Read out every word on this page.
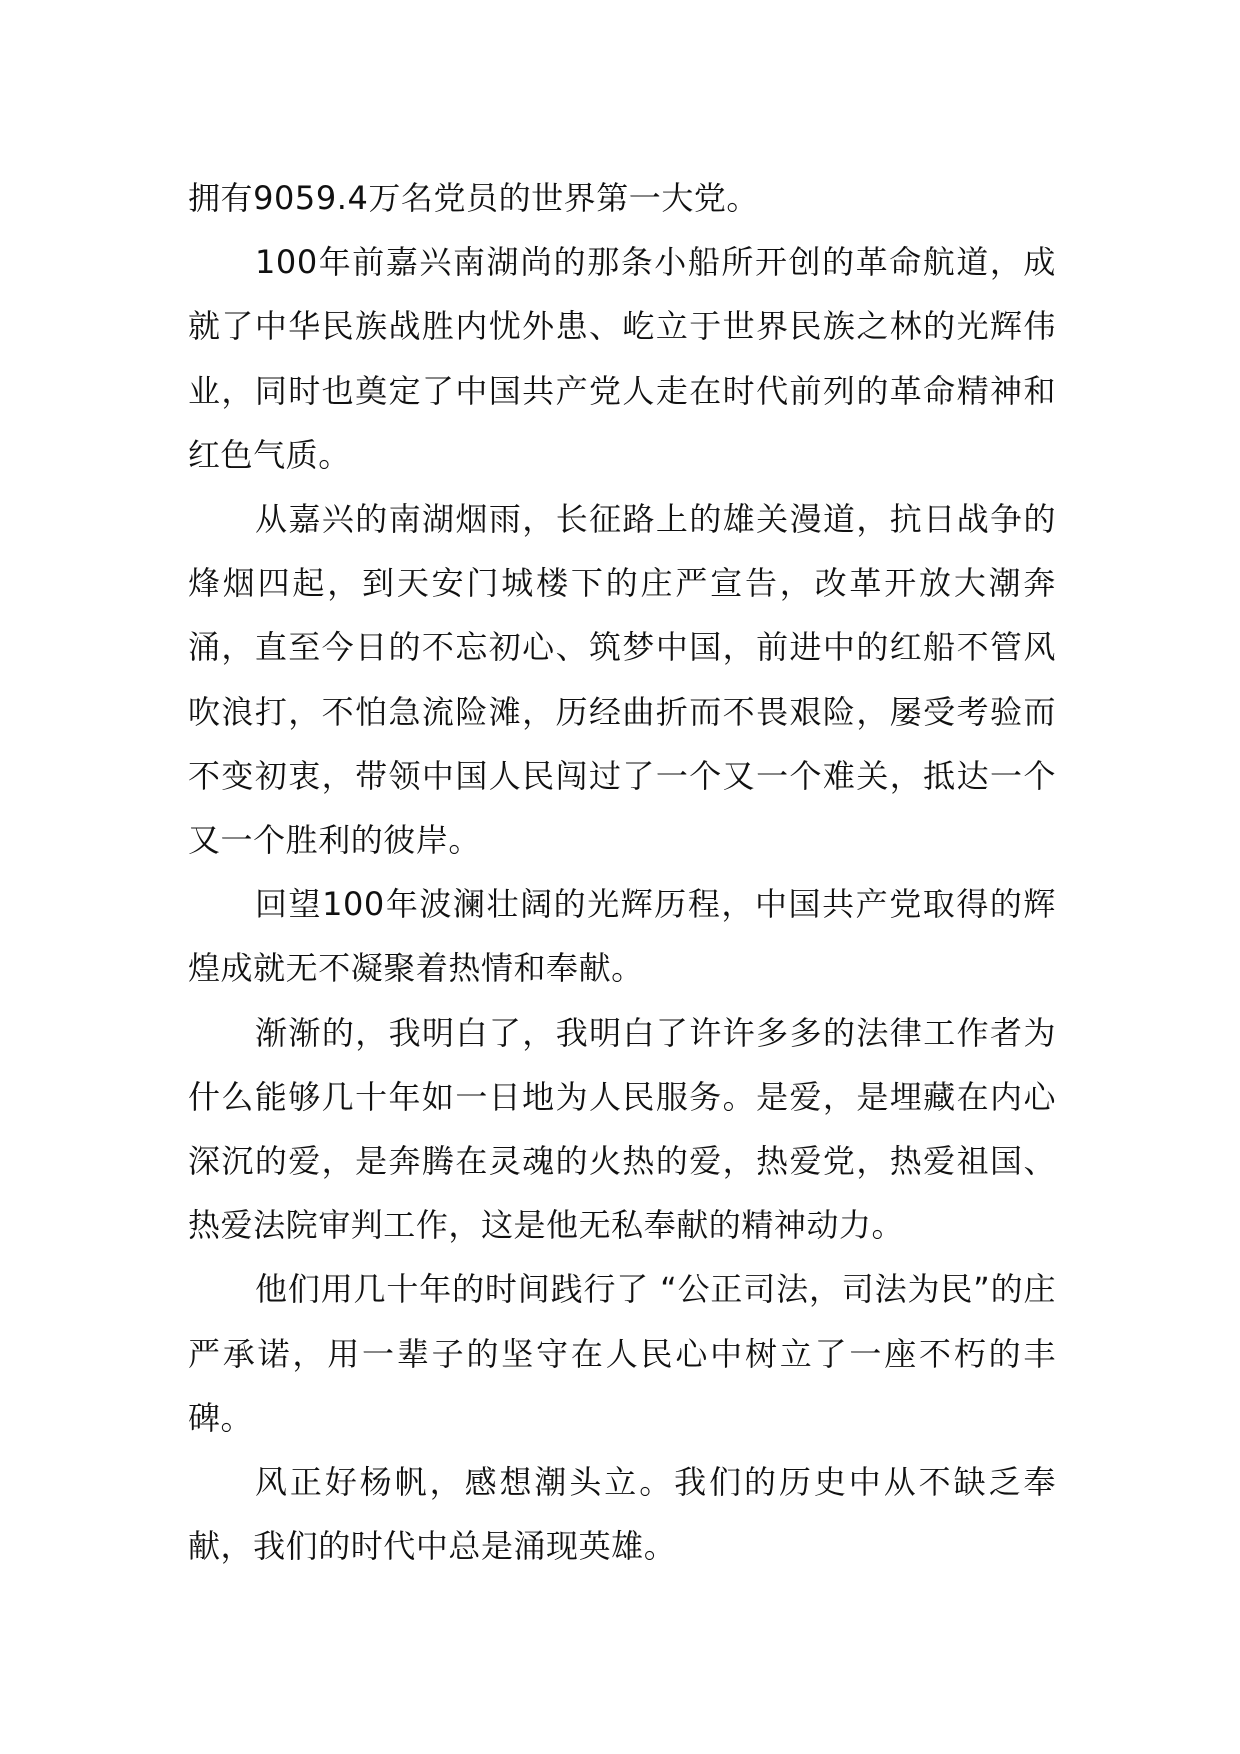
拥有9059.4万名党员的世界第一大党。

100年前嘉兴南湖尚的那条小船所开创的革命航道，成就了中华民族战胜内忧外患、屹立于世界民族之林的光辉伟业，同时也奠定了中国共产党人走在时代前列的革命精神和红色气质。

从嘉兴的南湖烟雨，长征路上的雄关漫道，抗日战争的烽烟四起，到天安门城楼下的庄严宣告，改革开放大潮奔涌，直至今日的不忘初心、筑梦中国，前进中的红船不管风吹浪打，不怕急流险滩，历经曲折而不畏艰险，屡受考验而不变初衷，带领中国人民闯过了一个又一个难关，抵达一个又一个胜利的彼岸。

回望100年波澜壮阔的光辉历程，中国共产党取得的辉煌成就无不凝聚着热情和奉献。

渐渐的，我明白了，我明白了许许多多的法律工作者为什么能够几十年如一日地为人民服务。是爱，是埋藏在内心深沉的爱，是奔腾在灵魂的火热的爱，热爱党，热爱祖国、热爱法院审判工作，这是他无私奉献的精神动力。

他们用几十年的时间践行了 “公正司法，司法为民”的庄严承诺，用一辈子的坚守在人民心中树立了一座不朽的丰碑。

风正好杨帆，感想潮头立。我们的历史中从不缺乏奉献，我们的时代中总是涌现英雄。
